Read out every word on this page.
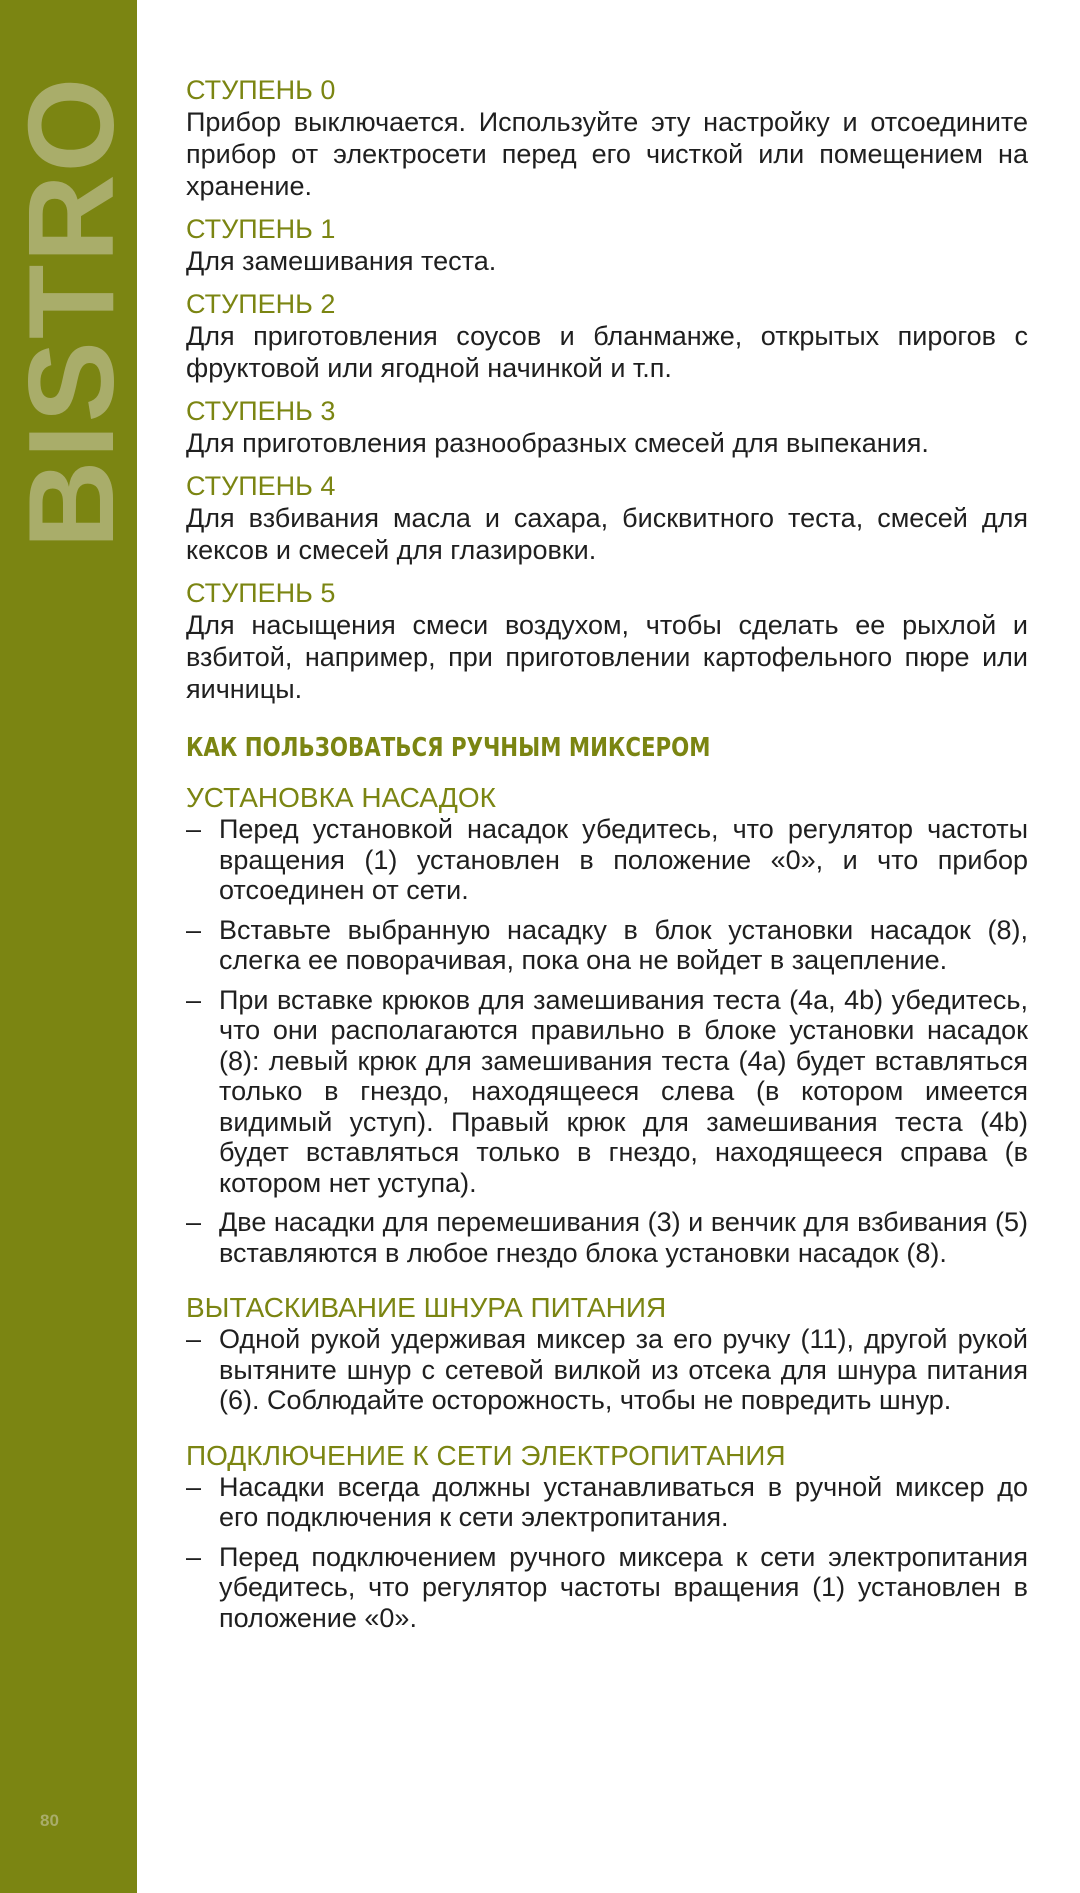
BISTRO
80

СТУПЕНЬ 0

Прибор выключается. Используйте эту настройку и отсоедините прибор от электросети перед его чисткой или помещением на хранение.

СТУПЕНЬ 1

Для замешивания теста.

СТУПЕНЬ 2

Для приготовления соусов и бланманже, открытых пирогов с фруктовой или ягодной начинкой и т.п.

СТУПЕНЬ 3

Для приготовления разнообразных смесей для выпекания.

СТУПЕНЬ 4

Для взбивания масла и сахара, бисквитного теста, смесей для кексов и смесей для глазировки.

СТУПЕНЬ 5

Для насыщения смеси воздухом, чтобы сделать ее рыхлой и взбитой, например, при приготовлении картофельного пюре или яичницы.

КАК ПОЛЬЗОВАТЬСЯ РУЧНЫМ МИКСЕРОМ

УСТАНОВКА НАСАДОК

– Перед установкой насадок убедитесь, что регулятор частоты вращения (1) установлен в положение «0», и что прибор отсоединен от сети.
– Вставьте выбранную насадку в блок установки насадок (8), слегка ее поворачивая, пока она не войдет в зацепление.
– При вставке крюков для замешивания теста (4a, 4b) убедитесь, что они располагаются правильно в блоке установки насадок (8): левый крюк для замешивания теста (4a) будет вставляться только в гнездо, находящееся слева (в котором имеется видимый уступ). Правый крюк для замешивания теста (4b) будет вставляться только в гнездо, находящееся справа (в котором нет уступа).
– Две насадки для перемешивания (3) и венчик для взбивания (5) вставляются в любое гнездо блока установки насадок (8).

ВЫТАСКИВАНИЕ ШНУРА ПИТАНИЯ

– Одной рукой удерживая миксер за его ручку (11), другой рукой вытяните шнур с сетевой вилкой из отсека для шнура питания (6). Соблюдайте осторожность, чтобы не повредить шнур.

ПОДКЛЮЧЕНИЕ К СЕТИ ЭЛЕКТРОПИТАНИЯ

– Насадки всегда должны устанавливаться в ручной миксер до его подключения к сети электропитания.
– Перед подключением ручного миксера к сети электропитания убедитесь, что регулятор частоты вращения (1) установлен в положение «0».
